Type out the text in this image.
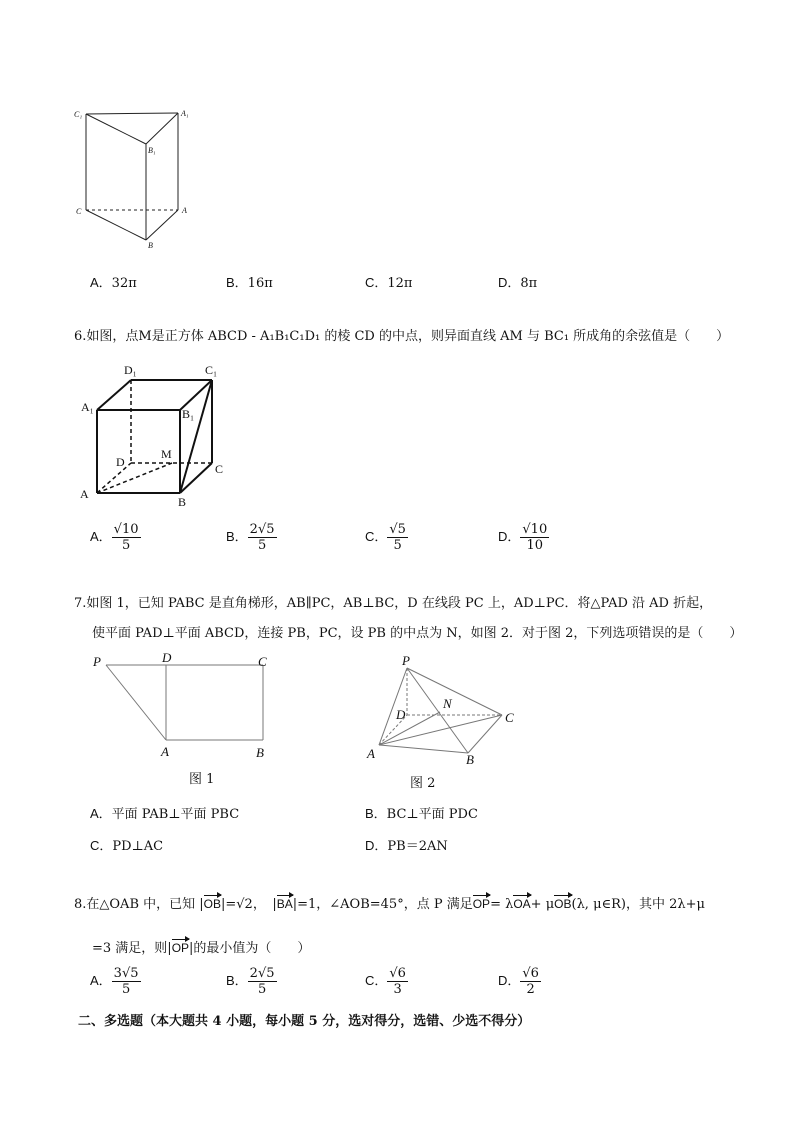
C₁	A₁
B₁
C	A
B
A．32π	B．16π	C．12π	D．8π
6.如图，点M是正方体 ABCD - A₁B₁C₁D₁ 的棱 CD 的中点，则异面直线 AM 与 BC₁ 所成角的余弦值是（　　）
D₁	C₁
A₁	B₁
D
M
C
A
B
A． $\frac{√10}{5}$	B． $\frac{2√5}{5}$	C． $\frac{√5}{5}$	D． $\frac{√10}{10}$
7.如图 1，已知 PABC 是直角梯形，AB∥PC，AB⊥BC，D 在线段 PC 上，AD⊥PC．将△PAD 沿 AD 折起，
使平面 PAD⊥平面 ABCD，连接 PB，PC，设 PB 的中点为 N，如图 2．对于图 2，下列选项错误的是（　　）
P	D	C
A	B
图 1
P
N
D	C
A	B
图 2
A．平面 PAB⊥平面 PBC	B．BC⊥平面 PDC
C．PD⊥AC	D．PB＝2AN
8.在△OAB 中，已知 |OB|=√2，　|BA|=1，∠AOB=45°，点 P 满足OP= λOA+ μOB(λ, μ∈R)，其中 2λ+μ
=3 满足，则|OP|的最小值为（　　）
A． $\frac{3√5}{5}$	B． $\frac{2√5}{5}$	C． $\frac{√6}{3}$	D． $\frac{√6}{2}$
二、多选题（本大题共 4 小题，每小题 5 分，选对得分，选错、少选不得分）
